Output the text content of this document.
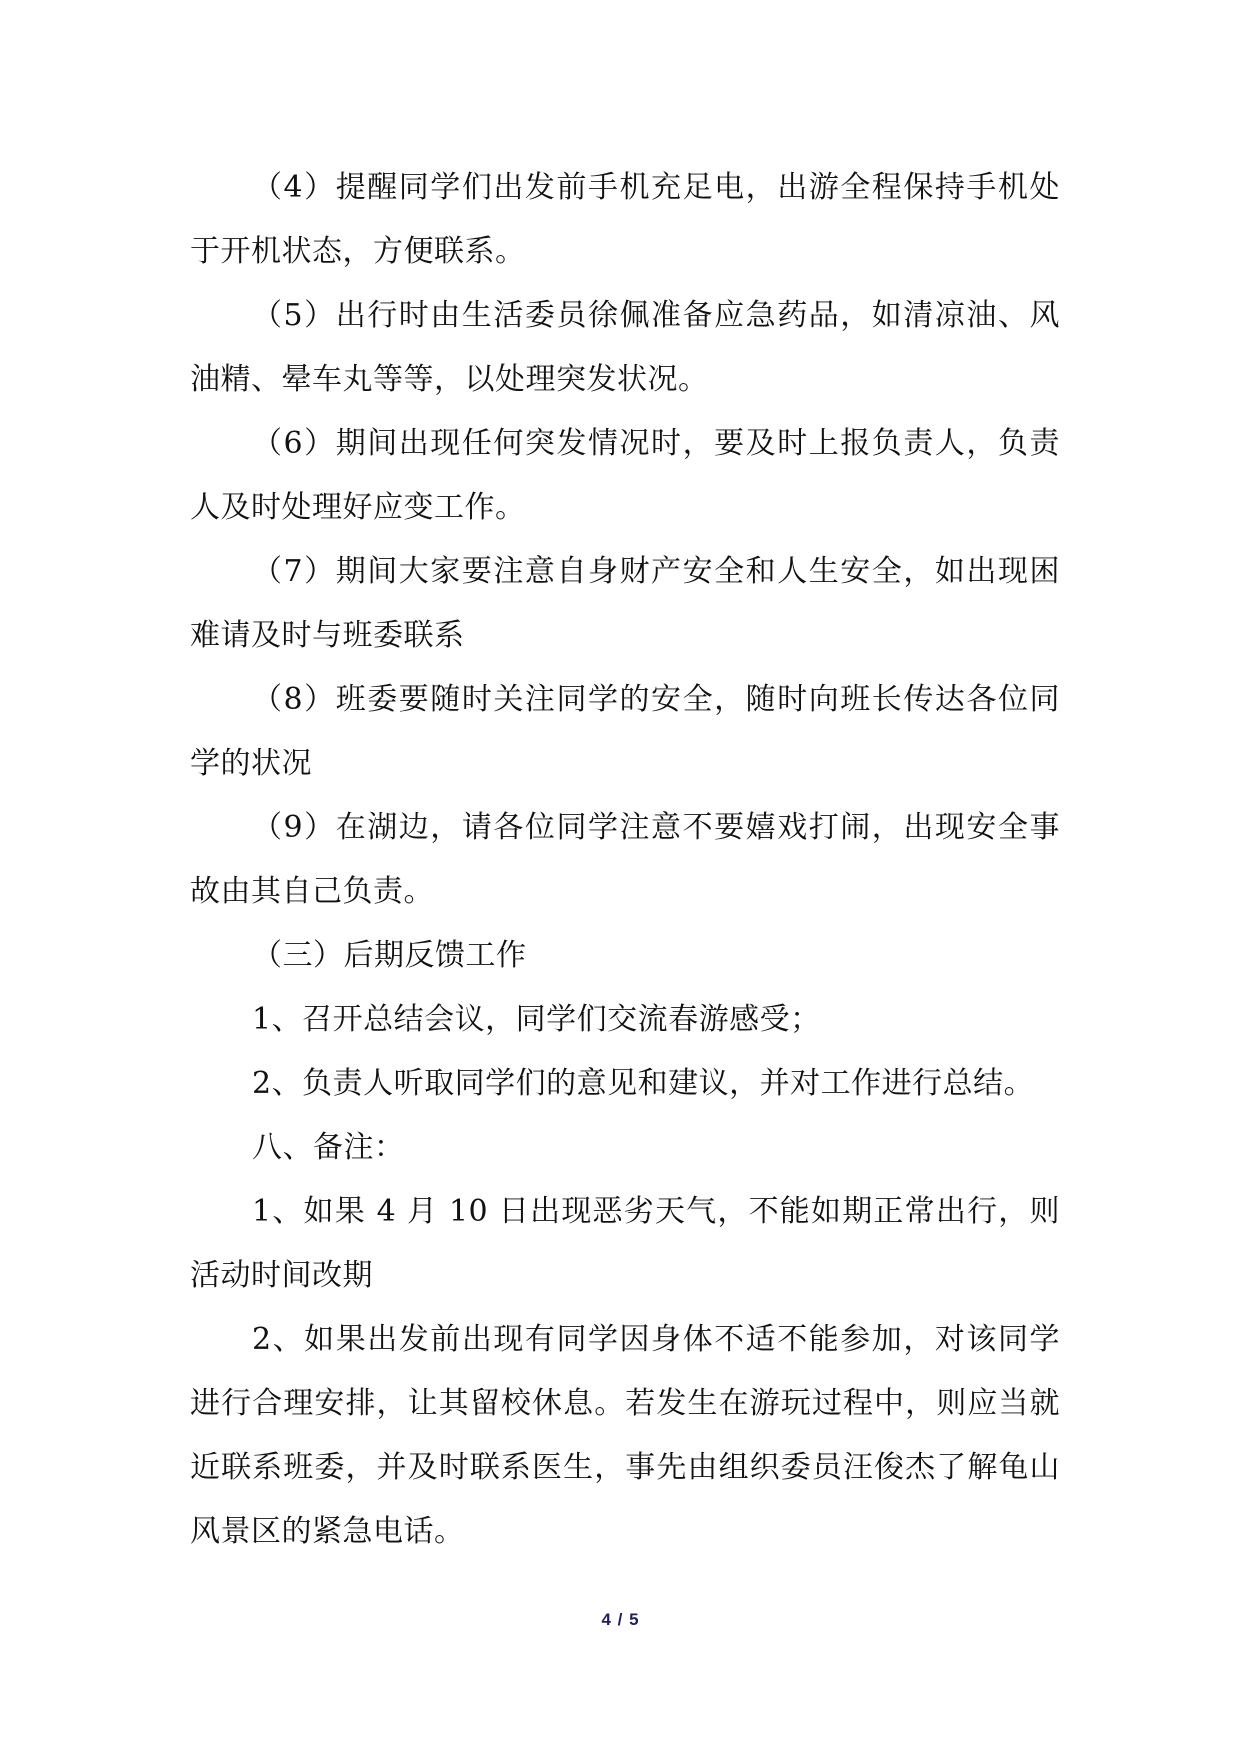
（4）提醒同学们出发前手机充足电，出游全程保持手机处于开机状态，方便联系。

（5）出行时由生活委员徐佩准备应急药品，如清凉油、风油精、晕车丸等等，以处理突发状况。

（6）期间出现任何突发情况时，要及时上报负责人，负责人及时处理好应变工作。

（7）期间大家要注意自身财产安全和人生安全，如出现困难请及时与班委联系

（8）班委要随时关注同学的安全，随时向班长传达各位同学的状况

（9）在湖边，请各位同学注意不要嬉戏打闹，出现安全事故由其自己负责。

（三）后期反馈工作

1、召开总结会议，同学们交流春游感受；

2、负责人听取同学们的意见和建议，并对工作进行总结。

八、备注：

1、如果 4 月 10 日出现恶劣天气，不能如期正常出行，则活动时间改期

2、如果出发前出现有同学因身体不适不能参加，对该同学进行合理安排，让其留校休息。若发生在游玩过程中，则应当就近联系班委，并及时联系医生，事先由组织委员汪俊杰了解龟山风景区的紧急电话。

4 / 5
